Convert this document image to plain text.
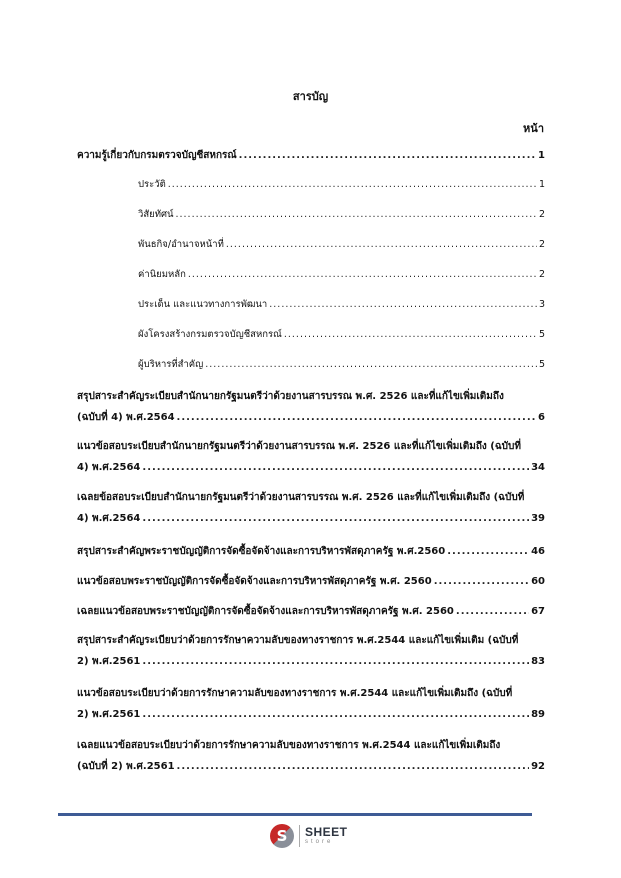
สารบัญ
หน้า
ความรู้เกี่ยวกับกรมตรวจบัญชีสหกรณ์ .....	1
ประวัติ .....	1
วิสัยทัศน์ .....	2
พันธกิจ/อำนาจหน้าที่ .....	2
ค่านิยมหลัก .....	2
ประเด็น และแนวทางการพัฒนา .....	3
ผังโครงสร้างกรมตรวจบัญชีสหกรณ์ .....	5
ผู้บริหารที่สำคัญ .....	5
สรุปสาระสำคัญระเบียบสำนักนายกรัฐมนตรีว่าด้วยงานสารบรรณ พ.ศ. 2526 และที่แก้ไขเพิ่มเติมถึง
(ฉบับที่ 4) พ.ศ.2564 .....	6
แนวข้อสอบระเบียบสำนักนายกรัฐมนตรีว่าด้วยงานสารบรรณ พ.ศ. 2526 และที่แก้ไขเพิ่มเติมถึง (ฉบับที่
4) พ.ศ.2564 .....	34
เฉลยข้อสอบระเบียบสำนักนายกรัฐมนตรีว่าด้วยงานสารบรรณ พ.ศ. 2526 และที่แก้ไขเพิ่มเติมถึง (ฉบับที่
4) พ.ศ.2564 .....	39
สรุปสาระสำคัญพระราชบัญญัติการจัดซื้อจัดจ้างและการบริหารพัสดุภาครัฐ พ.ศ.2560 .....	46
แนวข้อสอบพระราชบัญญัติการจัดซื้อจัดจ้างและการบริหารพัสดุภาครัฐ พ.ศ. 2560 .....	60
เฉลยแนวข้อสอบพระราชบัญญัติการจัดซื้อจัดจ้างและการบริหารพัสดุภาครัฐ พ.ศ. 2560 .....	67
สรุปสาระสำคัญระเบียบว่าด้วยการรักษาความลับของทางราชการ พ.ศ.2544 และแก้ไขเพิ่มเติม (ฉบับที่
2) พ.ศ.2561 .....	83
แนวข้อสอบระเบียบว่าด้วยการรักษาความลับของทางราชการ พ.ศ.2544 และแก้ไขเพิ่มเติมถึง (ฉบับที่
2) พ.ศ.2561 .....	89
เฉลยแนวข้อสอบระเบียบว่าด้วยการรักษาความลับของทางราชการ พ.ศ.2544 และแก้ไขเพิ่มเติมถึง
(ฉบับที่ 2) พ.ศ.2561 .....	92
S	SHEET
store
